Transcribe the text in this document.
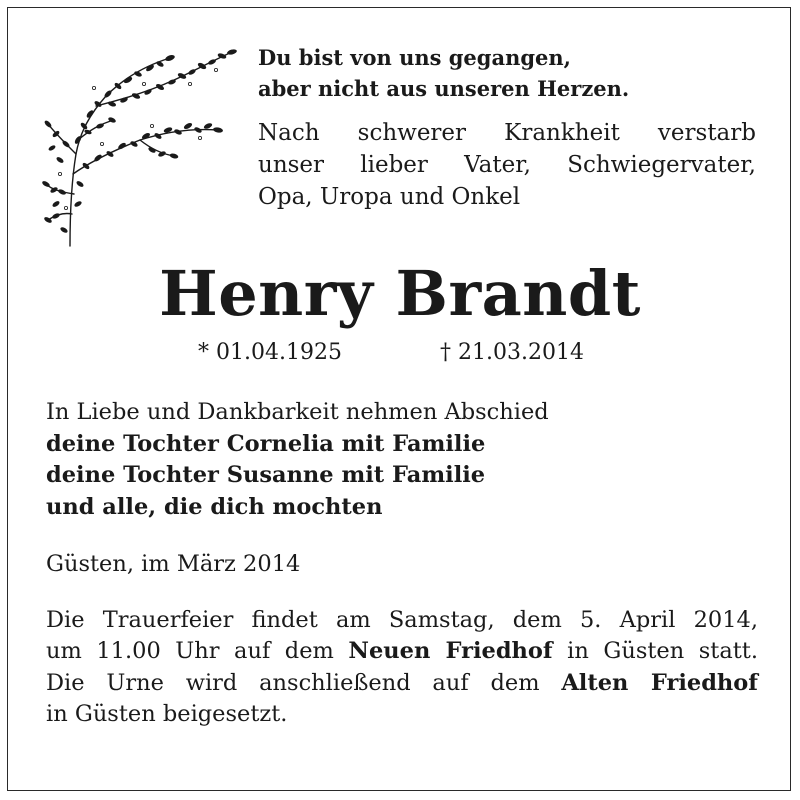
Du bist von uns gegangen,
aber nicht aus unseren Herzen.

Nach schwerer Krankheit verstarb
unser lieber Vater, Schwiegervater,
Opa, Uropa und Onkel

Henry Brandt
* 01.04.1925	† 21.03.2014

In Liebe und Dankbarkeit nehmen Abschied

deine Tochter Cornelia mit Familie

deine Tochter Susanne mit Familie

und alle, die dich mochten

Güsten, im März 2014

Die Trauerfeier findet am Samstag, dem 5. April 2014,

um 11.00 Uhr auf dem Neuen Friedhof in Güsten statt.

Die Urne wird anschließend auf dem Alten Friedhof

in Güsten beigesetzt.
